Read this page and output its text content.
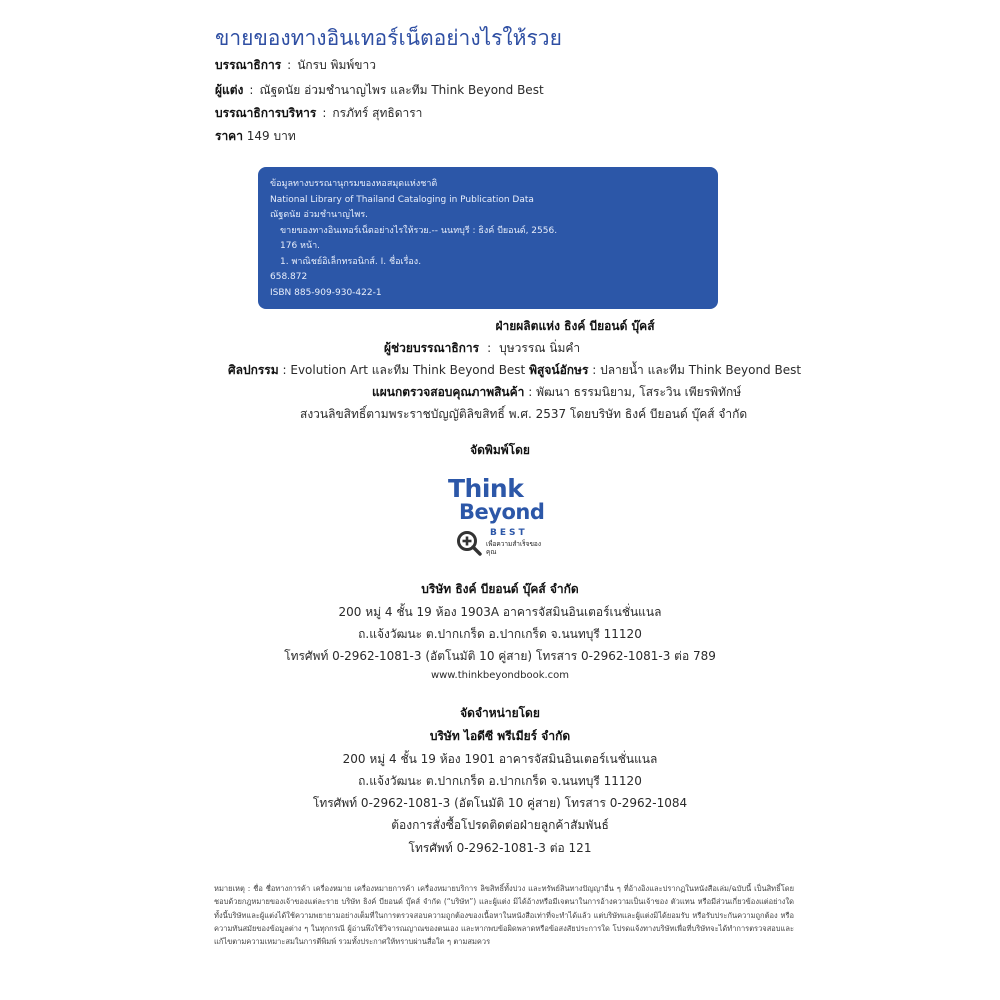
ขายของทางอินเทอร์เน็ตอย่างไรให้รวย
บรรณาธิการ : นักรบ พิมพ์ขาว
ผู้แต่ง : ณัฐดนัย อ่วมชำนาญไพร และทีม Think Beyond Best
บรรณาธิการบริหาร : กรภัทร์ สุทธิดารา
ราคา 149 บาท
ข้อมูลทางบรรณานุกรมของหอสมุดแห่งชาติ
National Library of Thailand Cataloging in Publication Data
ณัฐดนัย อ่วมชำนาญไพร.
ขายของทางอินเทอร์เน็ตอย่างไรให้รวย.-- นนทบุรี : ธิงค์ บียอนด์, 2556.
176 หน้า.
1. พาณิชย์อิเล็กทรอนิกส์. I. ชื่อเรื่อง.
658.872
ISBN 885-909-930-422-1
ฝ่ายผลิตแห่ง ธิงค์ บียอนด์ บุ๊คส์
ผู้ช่วยบรรณาธิการ : บุษวรรณ นิ่มคำ
ศิลปกรรม : Evolution Art และทีม Think Beyond Best พิสูจน์อักษร : ปลายน้ำ และทีม Think Beyond Best
แผนกตรวจสอบคุณภาพสินค้า : พัฒนา ธรรมนิยาม, โสระวิน เพียรพิทักษ์
สงวนลิขสิทธิ์ตามพระราชบัญญัติลิขสิทธิ์ พ.ศ. 2537 โดยบริษัท ธิงค์ บียอนด์ บุ๊คส์ จำกัด
จัดพิมพ์โดย
Think
Beyond
BEST
เพื่อความสำเร็จของคุณ
บริษัท ธิงค์ บียอนด์ บุ๊คส์ จำกัด
200 หมู่ 4 ชั้น 19 ห้อง 1903A อาคารจัสมินอินเตอร์เนชั่นแนล
ถ.แจ้งวัฒนะ ต.ปากเกร็ด อ.ปากเกร็ด จ.นนทบุรี 11120
โทรศัพท์ 0-2962-1081-3 (อัตโนมัติ 10 คู่สาย) โทรสาร 0-2962-1081-3 ต่อ 789
www.thinkbeyondbook.com
จัดจำหน่ายโดย
บริษัท ไอดีซี พรีเมียร์ จำกัด
200 หมู่ 4 ชั้น 19 ห้อง 1901 อาคารจัสมินอินเตอร์เนชั่นแนล
ถ.แจ้งวัฒนะ ต.ปากเกร็ด อ.ปากเกร็ด จ.นนทบุรี 11120
โทรศัพท์ 0-2962-1081-3 (อัตโนมัติ 10 คู่สาย) โทรสาร 0-2962-1084
ต้องการสั่งซื้อโปรดติดต่อฝ่ายลูกค้าสัมพันธ์
โทรศัพท์ 0-2962-1081-3 ต่อ 121
หมายเหตุ : ชื่อ ชื่อทางการค้า เครื่องหมาย เครื่องหมายการค้า เครื่องหมายบริการ ลิขสิทธิ์ทั้งปวง และทรัพย์สินทางปัญญาอื่น ๆ ที่อ้างอิงและปรากฏในหนังสือเล่ม/ฉบับนี้ เป็นสิทธิ์โดยชอบด้วยกฎหมายของเจ้าของแต่ละราย บริษัท ธิงค์ บียอนด์ บุ๊คส์ จำกัด (“บริษัท”) และผู้แต่ง มิได้อ้างหรือมีเจตนาในการอ้างความเป็นเจ้าของ ตัวแทน หรือมีส่วนเกี่ยวข้องแต่อย่างใด ทั้งนี้บริษัทและผู้แต่งได้ใช้ความพยายามอย่างเต็มที่ในการตรวจสอบความถูกต้องของเนื้อหาในหนังสือเท่าที่จะทำได้แล้ว แต่บริษัทและผู้แต่งมิได้ยอมรับ หรือรับประกันความถูกต้อง หรือความทันสมัยของข้อมูลต่าง ๆ ในทุกกรณี ผู้อ่านพึงใช้วิจารณญาณของตนเอง และหากพบข้อผิดพลาดหรือข้อสงสัยประการใด โปรดแจ้งทางบริษัทเพื่อที่บริษัทจะได้ทำการตรวจสอบและแก้ไขตามความเหมาะสมในการตีพิมพ์ รวมทั้งประกาศให้ทราบผ่านสื่อใด ๆ ตามสมควร
